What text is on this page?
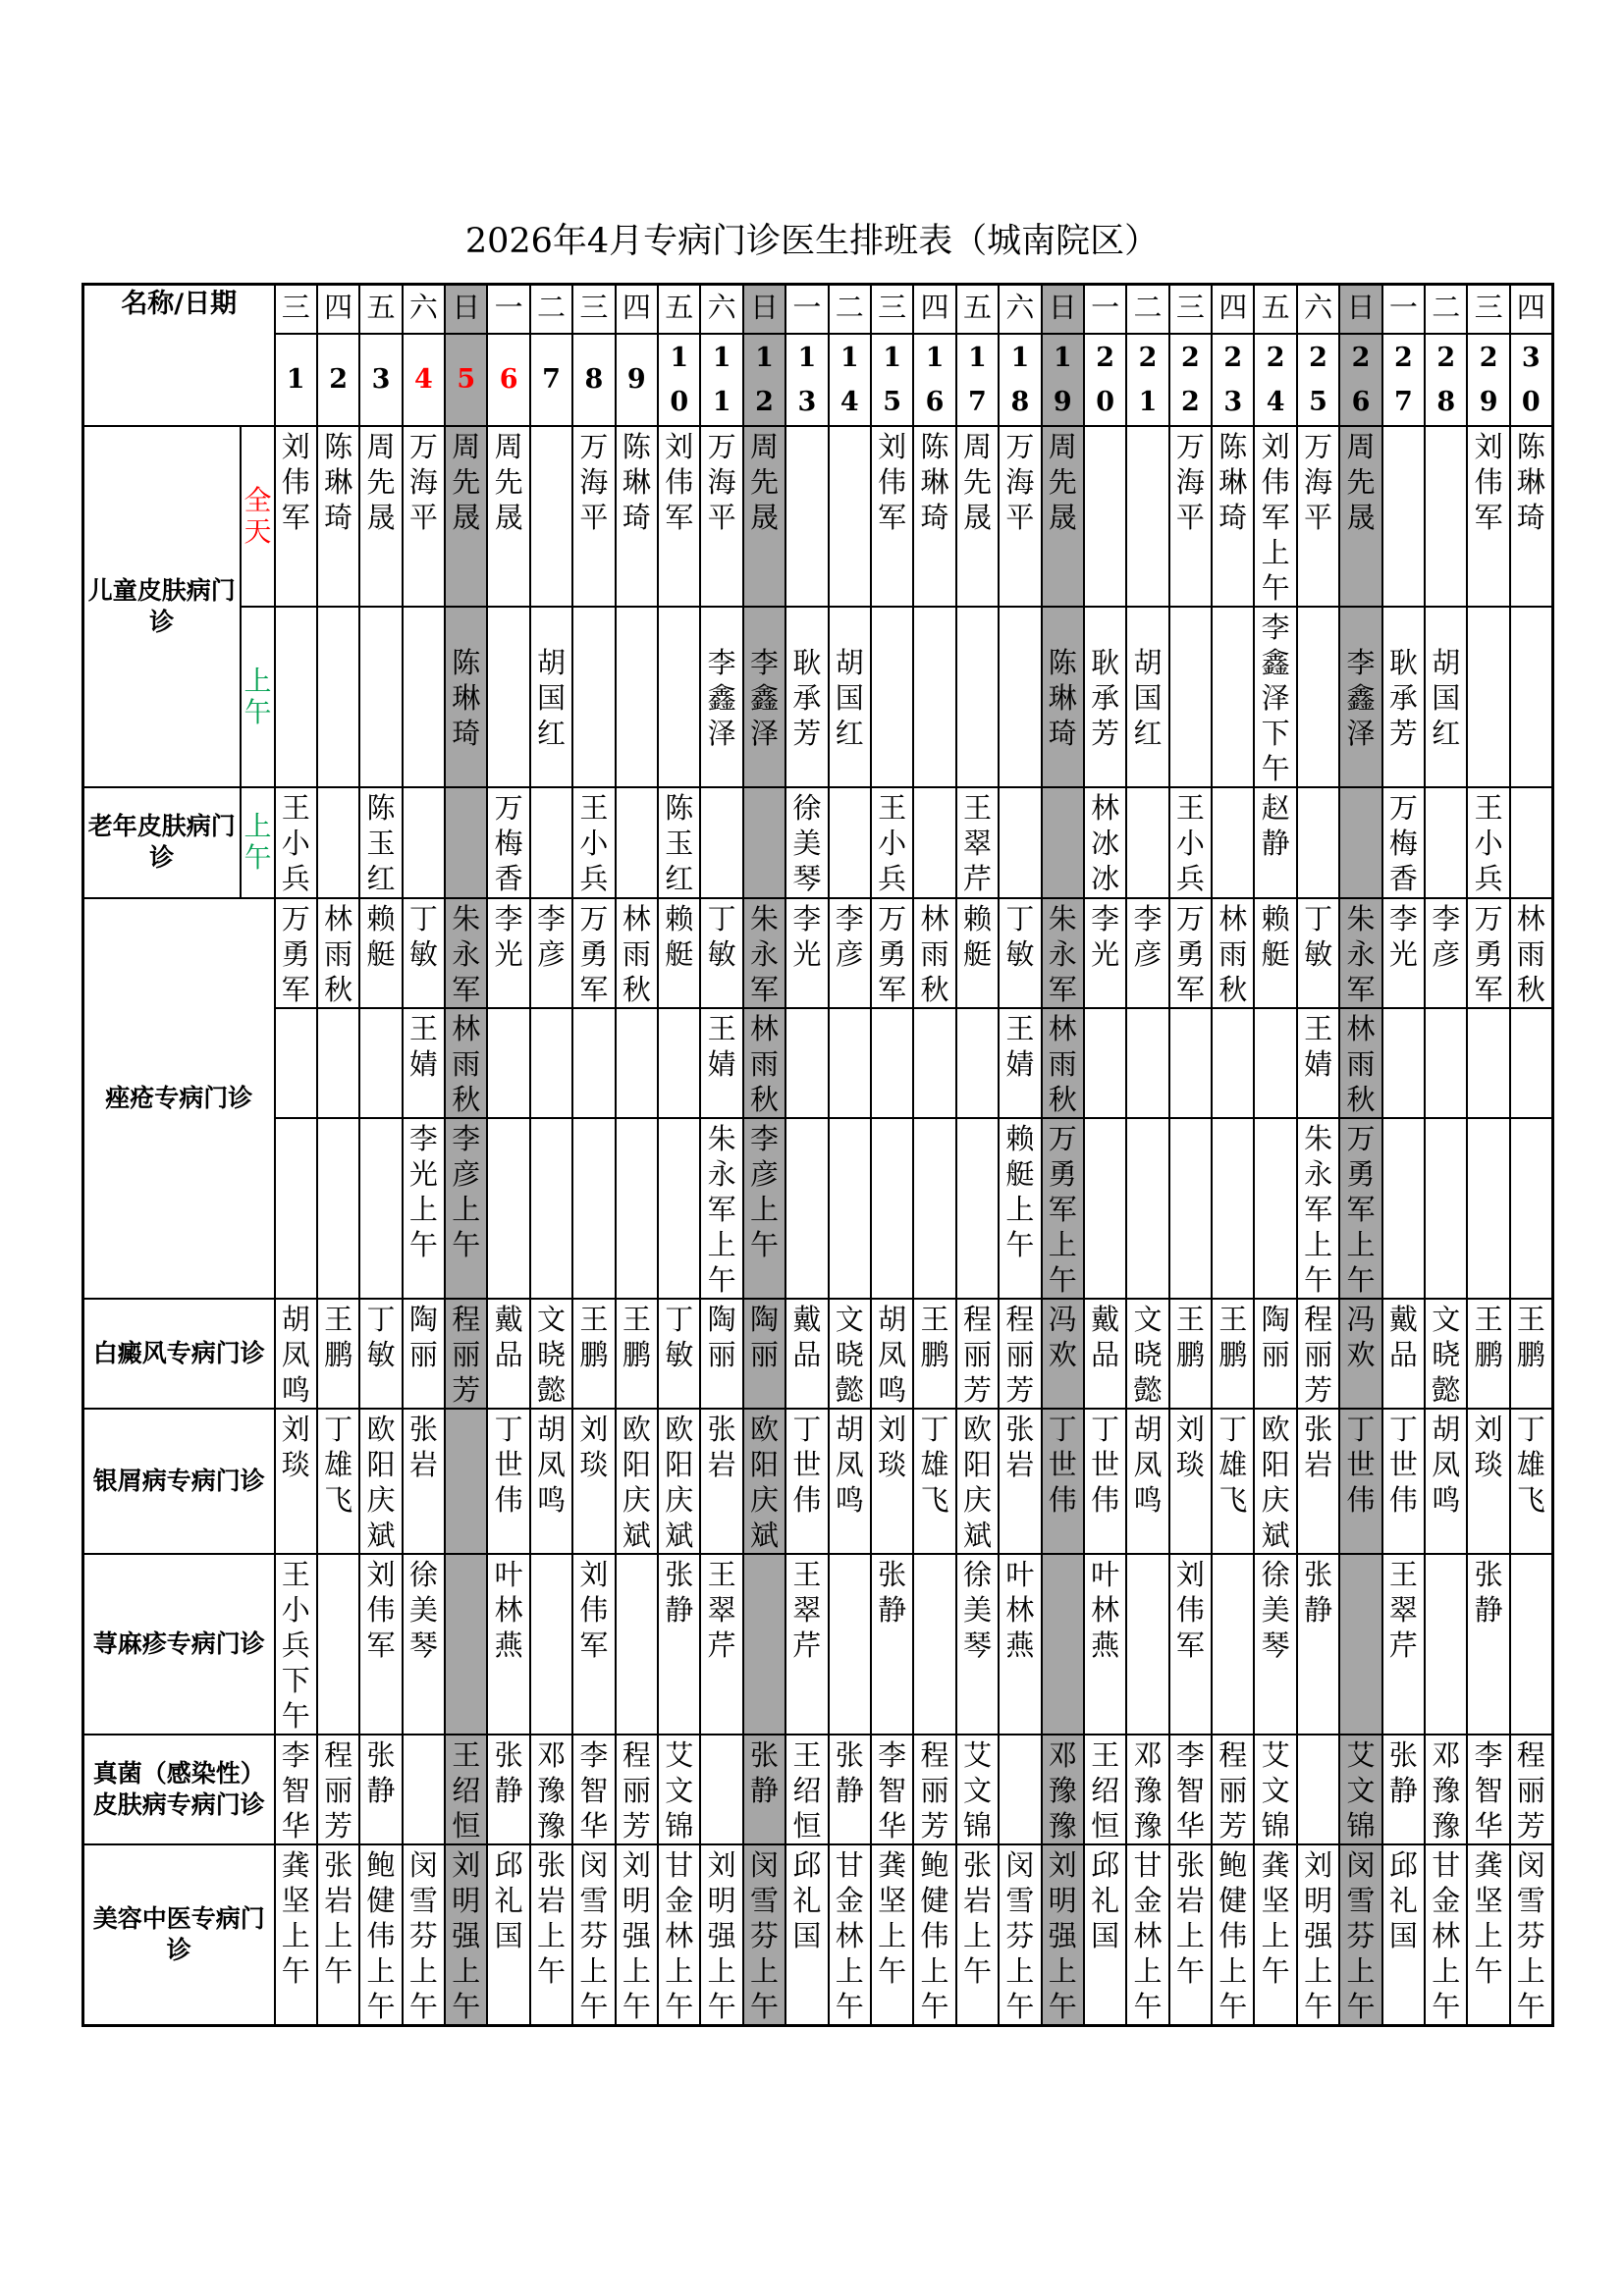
2026年4月专病门诊医生排班表（城南院区）
名称/日期		三	四	五	六	日	一	二	三	四	五	六	日	一	二	三	四	五	六	日	一	二	三	四	五	六	日	一	二	三	四
		1	2	3	4	5	6	7	8	9	10	11	12	13	14	15	16	17	18	19	20	21	22	23	24	25	26	27	28	29	30
儿童皮肤病门诊	全天	刘伟军	陈琳琦	周先晟	万海平	周先晟	周先晟		万海平	陈琳琦	刘伟军	万海平	周先晟			刘伟军	陈琳琦	周先晟	万海平	周先晟			万海平	陈琳琦	刘伟军上午	万海平	周先晟			刘伟军	陈琳琦
	上午					陈琳琦		胡国红				李鑫泽	李鑫泽	耿承芳	胡国红					陈琳琦	耿承芳	胡国红			李鑫泽下午		李鑫泽	耿承芳	胡国红		
老年皮肤病门诊	上午	王小兵		陈玉红			万梅香		王小兵		陈玉红			徐美琴		王小兵		王翠芹			林冰冰		王小兵		赵静			万梅香		王小兵	
痤疮专病门诊		万勇军	林雨秋	赖艇	丁敏	朱永军	李光	李彦	万勇军	林雨秋	赖艇	丁敏	朱永军	李光	李彦	万勇军	林雨秋	赖艇	丁敏	朱永军	李光	李彦	万勇军	林雨秋	赖艇	丁敏	朱永军	李光	李彦	万勇军	林雨秋
					王婧	林雨秋						王婧	林雨秋						王婧	林雨秋						王婧	林雨秋				
					李光上午	李彦上午						朱永军上午	李彦上午						赖艇上午	万勇军上午						朱永军上午	万勇军上午				
白癜风专病门诊		胡凤鸣	王鹏	丁敏	陶丽	程丽芳	戴品	文晓懿	王鹏	王鹏	丁敏	陶丽	陶丽	戴品	文晓懿	胡凤鸣	王鹏	程丽芳	程丽芳	冯欢	戴品	文晓懿	王鹏	王鹏	陶丽	程丽芳	冯欢	戴品	文晓懿	王鹏	王鹏
银屑病专病门诊		刘琰	丁雄飞	欧阳庆斌	张岩		丁世伟	胡凤鸣	刘琰	欧阳庆斌	欧阳庆斌	张岩	欧阳庆斌	丁世伟	胡凤鸣	刘琰	丁雄飞	欧阳庆斌	张岩	丁世伟	丁世伟	胡凤鸣	刘琰	丁雄飞	欧阳庆斌	张岩	丁世伟	丁世伟	胡凤鸣	刘琰	丁雄飞
荨麻疹专病门诊		王小兵下午		刘伟军	徐美琴		叶林燕		刘伟军		张静	王翠芹		王翠芹		张静		徐美琴	叶林燕		叶林燕		刘伟军		徐美琴	张静		王翠芹		张静	
真菌（感染性）皮肤病专病门诊		李智华	程丽芳	张静		王绍恒	张静	邓豫豫	李智华	程丽芳	艾文锦		张静	王绍恒	张静	李智华	程丽芳	艾文锦		邓豫豫	王绍恒	邓豫豫	李智华	程丽芳	艾文锦		艾文锦	张静	邓豫豫	李智华	程丽芳
美容中医专病门诊		龚坚上午	张岩上午	鲍健伟上午	闵雪芬上午	刘明强上午	邱礼国	张岩上午	闵雪芬上午	刘明强上午	甘金林上午	刘明强上午	闵雪芬上午	邱礼国	甘金林上午	龚坚上午	鲍健伟上午	张岩上午	闵雪芬上午	刘明强上午	邱礼国	甘金林上午	张岩上午	鲍健伟上午	龚坚上午	刘明强上午	闵雪芬上午	邱礼国	甘金林上午	龚坚上午	闵雪芬上午
